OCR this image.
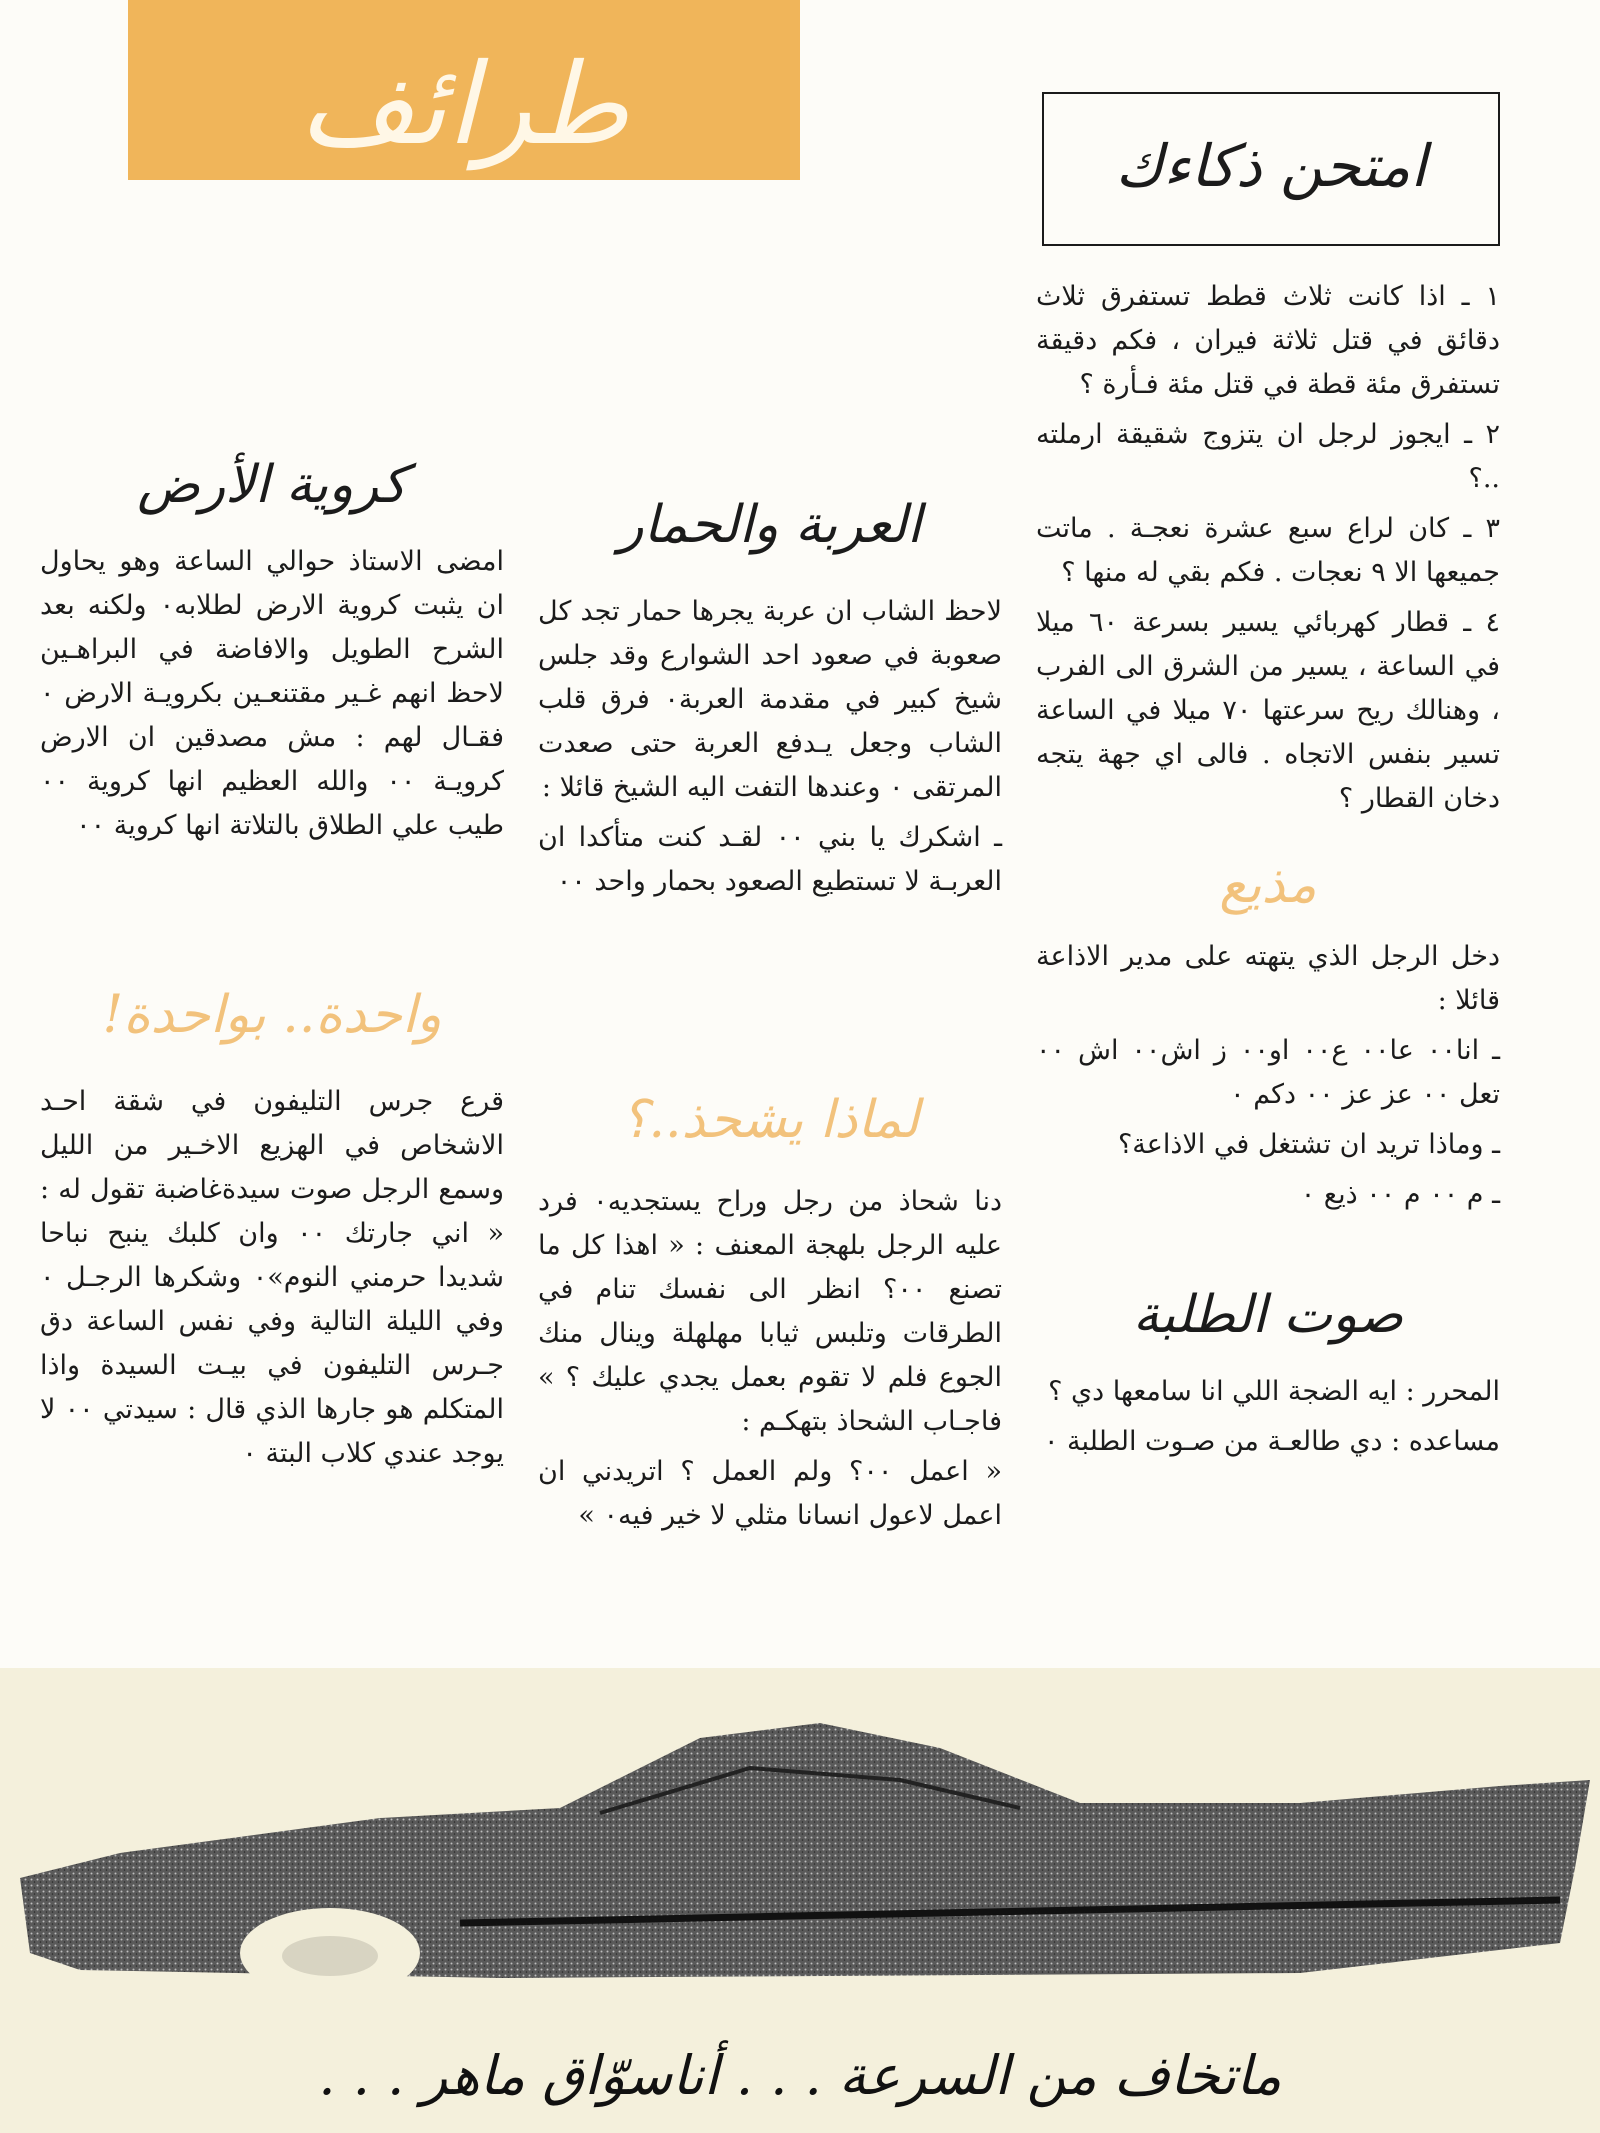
طرائف	امتحن ذكاءك

١ ـ اذا كانت ثلاث قطط تستفرق ثلاث دقائق في قتل ثلاثة فيران ، فكم دقيقة تستفرق مئة قطة في قتل مئة فـأرة ؟

٢ ـ ايجوز لرجل ان يتزوج شقيقة ارملته ..؟

٣ ـ كان لراع سبع عشرة نعجـة . ماتت جميعها الا ٩ نعجات . فكم بقي له منها ؟

٤ ـ قطار كهربائي يسير بسرعة ٦٠ ميلا في الساعة ، يسير من الشرق الى الفرب ، وهنالك ريح سرعتها ٧٠ ميلا في الساعة تسير بنفس الاتجاه . فالى اي جهة يتجه دخان القطار ؟

مذيع

دخل الرجل الذي يتهته على مدير الاذاعة قائلا :

ـ انا٠٠ عا٠٠ ع٠٠ او٠٠ ز اش٠٠ اش ٠٠ تعل ٠٠ عز عز ٠٠ دكم ٠

ـ وماذا تريد ان تشتغل في الاذاعة؟

ـ م ٠٠ م ٠٠ ذيع ٠

صوت الطلبة

المحرر : ايه الضجة اللي انا سامعها دي ؟

مساعده : دي طالعـة من صـوت الطلبة ٠

العربة والحمار

لاحظ الشاب ان عربة يجرها حمار تجد كل صعوبة في صعود احد الشوارع وقد جلس شيخ كبير في مقدمة العربة٠ فرق قلب الشاب وجعل يـدفع العربة حتى صعدت المرتقى ٠ وعندها التفت اليه الشيخ قائلا :

ـ اشكرك يا بني ٠٠ لقـد كنت متأكدا ان العربـة لا تستطيع الصعود بحمار واحد ٠٠

لماذا يشحذ..؟

دنا شحاذ من رجل وراح يستجديه٠ فرد عليه الرجل بلهجة المعنف : « اهذا كل ما تصنع ٠٠؟ انظر الى نفسك تنام في الطرقات وتلبس ثيابا مهلهلة وينال منك الجوع فلم لا تقوم بعمل يجدي عليك ؟ » فاجـاب الشحاذ بتهكـم :

« اعمل ٠٠؟ ولم العمل ؟ اتريدني ان اعمل لاعول انسانا مثلي لا خير فيه٠ »

كروية الأرض

امضى الاستاذ حوالي الساعة وهو يحاول ان يثبت كروية الارض لطلابه٠ ولكنه بعد الشرح الطويل والافاضة في البراهـين لاحظ انهم غـير مقتنعـين بكرويـة الارض ٠ فقـال لهم : مش مصدقين ان الارض كرويـة ٠٠ والله العظيم انها كروية ٠٠ طيب علي الطلاق بالتلاتة انها كروية ٠٠

واحدة.. بواحدة!

قرع جرس التليفون في شقة احـد الاشخاص في الهزيع الاخـير من الليل وسمع الرجل صوت سيدةغاضبة تقول له : « اني جارتك ٠٠ وان كلبك ينبح نباحا شديدا حرمني النوم»٠ وشكرها الرجـل ٠ وفي الليلة التالية وفي نفس الساعة دق جـرس التليفون في بيـت السيدة واذا المتكلم هو جارها الذي قال : سيدتي ٠٠ لا يوجد عندي كلاب البتة ٠

ماتخاف من السرعة . . . أناسوّاق ماهر . . .
